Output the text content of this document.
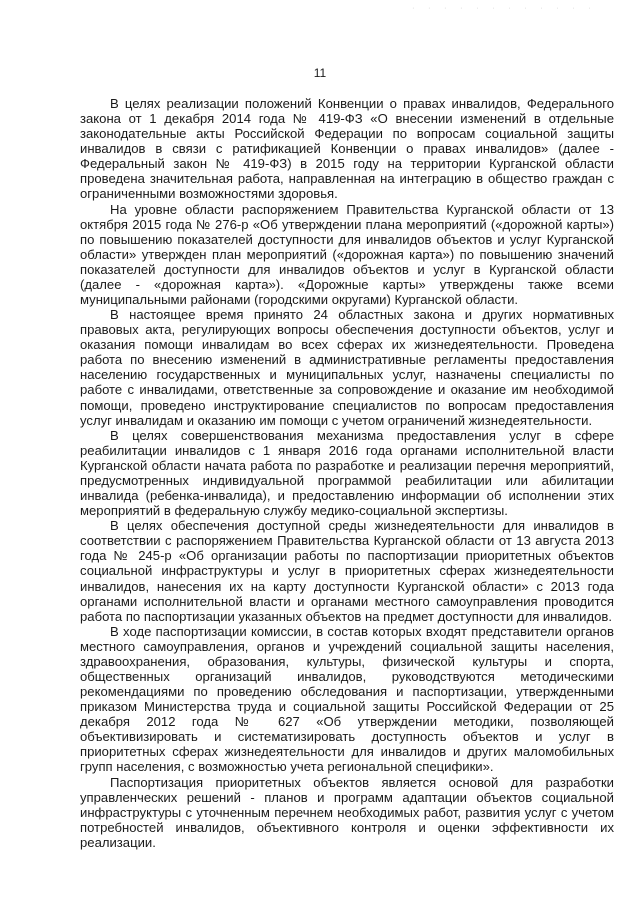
· · · · · · · · · · · ·
11

В целях реализации положений Конвенции о правах инвалидов, Федерального закона от 1 декабря 2014 года № 419-ФЗ «О внесении изменений в отдельные законодательные акты Российской Федерации по вопросам социальной защиты инвалидов в связи с ратификацией Конвенции о правах инвалидов» (далее - Федеральный закон № 419-ФЗ) в 2015 году на территории Курганской области проведена значительная работа, направленная на интеграцию в общество граждан с ограниченными возможностями здоровья.

На уровне области распоряжением Правительства Курганской области от 13 октября 2015 года № 276-р «Об утверждении плана мероприятий («дорожной карты») по повышению показателей доступности для инвалидов объектов и услуг Курганской области» утвержден план мероприятий («дорожная карта») по повышению значений показателей доступности для инвалидов объектов и услуг в Курганской области (далее - «дорожная карта»). «Дорожные карты» утверждены также всеми муниципальными районами (городскими округами) Курганской области.

В настоящее время принято 24 областных закона и других нормативных правовых акта, регулирующих вопросы обеспечения доступности объектов, услуг и оказания помощи инвалидам во всех сферах их жизнедеятельности. Проведена работа по внесению изменений в административные регламенты предоставления населению государственных и муниципальных услуг, назначены специалисты по работе с инвалидами, ответственные за сопровождение и оказание им необходимой помощи, проведено инструктирование специалистов по вопросам предоставления услуг инвалидам и оказанию им помощи с учетом ограничений жизнедеятельности.

В целях совершенствования механизма предоставления услуг в сфере реабилитации инвалидов с 1 января 2016 года органами исполнительной власти Курганской области начата работа по разработке и реализации перечня мероприятий, предусмотренных индивидуальной программой реабилитации или абилитации инвалида (ребенка-инвалида), и предоставлению информации об исполнении этих мероприятий в федеральную службу медико-социальной экспертизы.

В целях обеспечения доступной среды жизнедеятельности для инвалидов в соответствии с распоряжением Правительства Курганской области от 13 августа 2013 года № 245-р «Об организации работы по паспортизации приоритетных объектов социальной инфраструктуры и услуг в приоритетных сферах жизнедеятельности инвалидов, нанесения их на карту доступности Курганской области» с 2013 года органами исполнительной власти и органами местного самоуправления проводится работа по паспортизации указанных объектов на предмет доступности для инвалидов.

В ходе паспортизации комиссии, в состав которых входят представители органов местного самоуправления, органов и учреждений социальной защиты населения, здравоохранения, образования, культуры, физической культуры и спорта, общественных организаций инвалидов, руководствуются методическими рекомендациями по проведению обследования и паспортизации, утвержденными приказом Министерства труда и социальной защиты Российской Федерации от 25 декабря 2012 года № 627 «Об утверждении методики, позволяющей объективизировать и систематизировать доступность объектов и услуг в приоритетных сферах жизнедеятельности для инвалидов и других маломобильных групп населения, с возможностью учета региональной специфики».

Паспортизация приоритетных объектов является основой для разработки управленческих решений - планов и программ адаптации объектов социальной инфраструктуры с уточненным перечнем необходимых работ, развития услуг с учетом потребностей инвалидов, объективного контроля и оценки эффективности их реализации.
